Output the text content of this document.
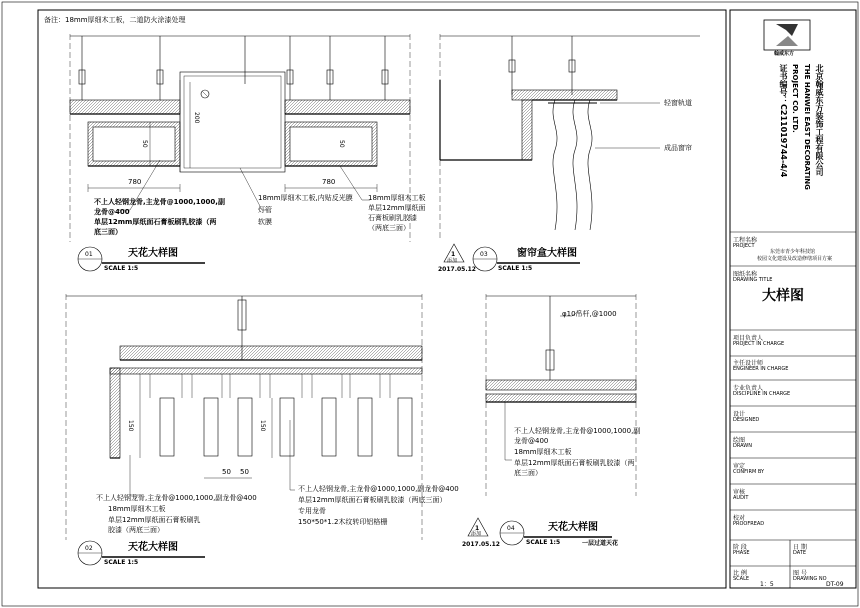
备注：18mm厚细木工板，二道防火涂漆处理
200
50	50
780	780
不上人轻钢龙骨,主龙骨@1000,1000,副
龙骨@400
单层12mm厚纸面石膏板刷乳胶漆（两
底三面）
18mm厚细木工板,内贴反光膜
灯管
软膜
18mm厚细木工板
单层12mm厚纸面
石膏板刷乳胶漆
（两底三面）
01	天花大样图
SCALE 1:5
轻窗轨道
成品窗帘
1
添加
2017.05.12
03	窗帘盒大样图
SCALE 1:5
150	150
50 50
不上人轻钢龙骨,主龙骨@1000,1000,副龙骨@400
18mm厚细木工板
单层12mm厚纸面石膏板刷乳
胶漆（两底三面）
不上人轻钢龙骨,主龙骨@1000,1000,副龙骨@400
单层12mm厚纸面石膏板刷乳胶漆（两底三面）
专用龙骨
150*50*1.2木纹转印铝格栅
02	天花大样图
SCALE 1:5
φ10吊杆,@1000
不上人轻钢龙骨,主龙骨@1000,1000,副
龙骨@400
18mm厚细木工板
单层12mm厚纸面石膏板刷乳胶漆（两
底三面）
1
添加
2017.05.12
04	天花大样图
SCALE 1:5	一层过道天花
翰威东方
北京翰威东方装饰工程有限公司
THE HANWEI EAST DECORATING
PROJECT CO. LTD.
证书编号：C211019744-4/4
工程名称
PROJECT
东莞市青少年科技馆
校园文化建设及改造修缮项目方案
图纸名称
DRAWING TITLE
大样图
项目负责人
PROJECT IN CHARGE
主任设计师
ENGINEER IN CHARGE
专业负责人
DISCIPLINE IN CHARGE
设计
DESIGNED
绘图
DRAWN
审定
CONFIRM BY
审核
AUDIT
校对
PROOFREAD
阶 段
PHASE
日 期
DATE
比 例
SCALE
1：5
图 号
DRAWING NO
DT-09
